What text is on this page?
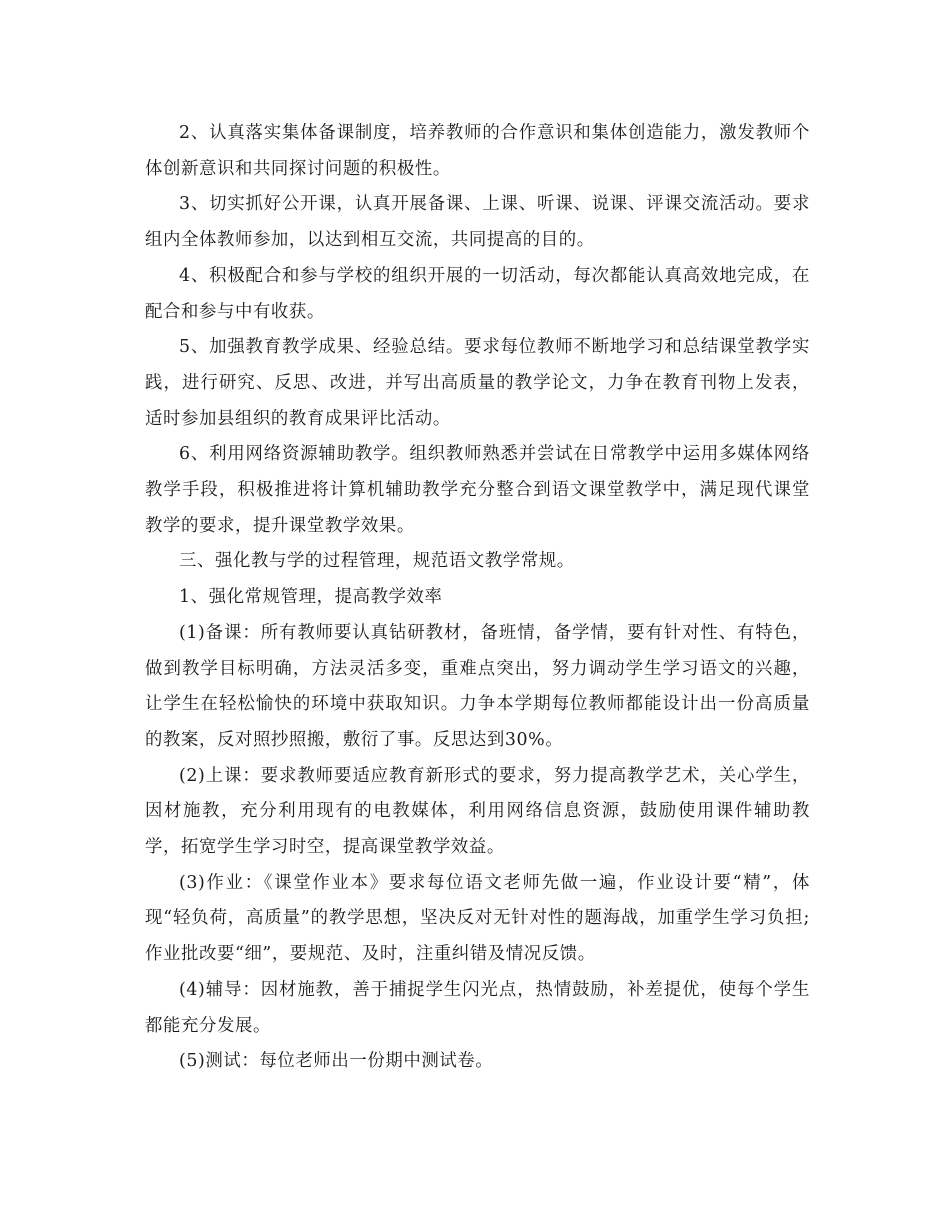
2、认真落实集体备课制度，培养教师的合作意识和集体创造能力，激发教师个体创新意识和共同探讨问题的积极性。

3、切实抓好公开课，认真开展备课、上课、听课、说课、评课交流活动。要求组内全体教师参加，以达到相互交流，共同提高的目的。

4、积极配合和参与学校的组织开展的一切活动，每次都能认真高效地完成，在配合和参与中有收获。

5、加强教育教学成果、经验总结。要求每位教师不断地学习和总结课堂教学实践，进行研究、反思、改进，并写出高质量的教学论文，力争在教育刊物上发表，适时参加县组织的教育成果评比活动。

6、利用网络资源辅助教学。组织教师熟悉并尝试在日常教学中运用多媒体网络教学手段，积极推进将计算机辅助教学充分整合到语文课堂教学中，满足现代课堂教学的要求，提升课堂教学效果。

三、强化教与学的过程管理，规范语文教学常规。

1、强化常规管理，提高教学效率

(1)备课：所有教师要认真钻研教材，备班情，备学情，要有针对性、有特色，做到教学目标明确，方法灵活多变，重难点突出，努力调动学生学习语文的兴趣，让学生在轻松愉快的环境中获取知识。力争本学期每位教师都能设计出一份高质量的教案，反对照抄照搬，敷衍了事。反思达到30%。

(2)上课：要求教师要适应教育新形式的要求，努力提高教学艺术，关心学生，因材施教，充分利用现有的电教媒体，利用网络信息资源，鼓励使用课件辅助教学，拓宽学生学习时空，提高课堂教学效益。

(3)作业：《课堂作业本》要求每位语文老师先做一遍，作业设计要“精”，体现“轻负荷，高质量”的教学思想，坚决反对无针对性的题海战，加重学生学习负担;作业批改要“细”，要规范、及时，注重纠错及情况反馈。

(4)辅导：因材施教，善于捕捉学生闪光点，热情鼓励，补差提优，使每个学生都能充分发展。

(5)测试：每位老师出一份期中测试卷。
